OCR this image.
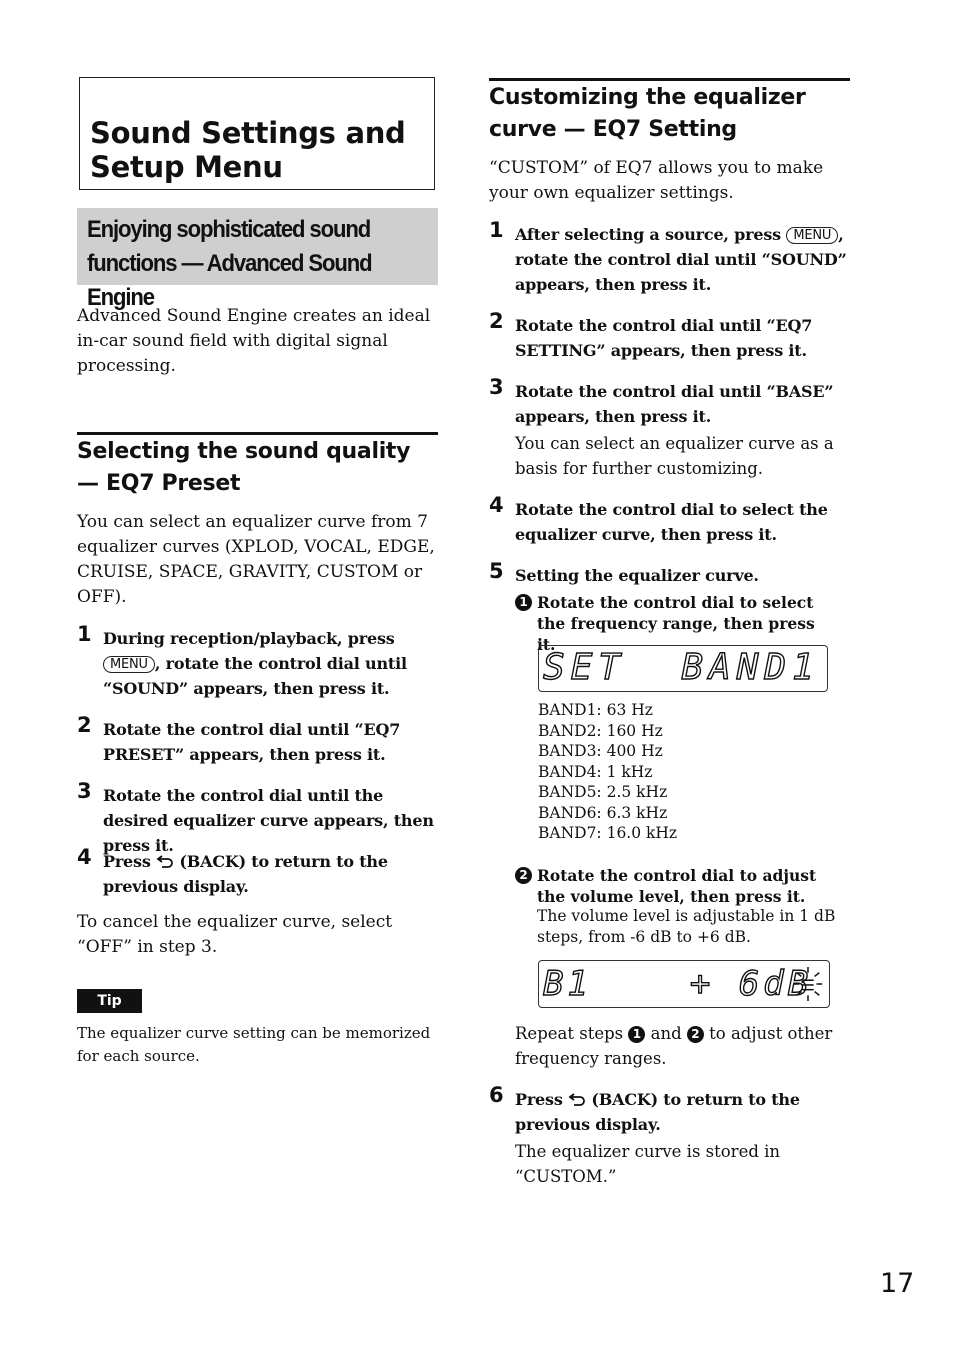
Sound Settings and Setup Menu
Enjoying sophisticated sound functions — Advanced Sound Engine
Advanced Sound Engine creates an ideal in-car sound field with digital signal processing.
Selecting the sound quality — EQ7 Preset
You can select an equalizer curve from 7 equalizer curves (XPLOD, VOCAL, EDGE, CRUISE, SPACE, GRAVITY, CUSTOM or OFF).
1 During reception/playback, press
MENU , rotate the control dial until “SOUND” appears, then press it.
2 Rotate the control dial until “EQ7 PRESET” appears, then press it.
3 Rotate the control dial until the desired equalizer curve appears, then press it.
4 Press (BACK) to return to the previous display.
To cancel the equalizer curve, select “OFF” in step 3.
Tip
The equalizer curve setting can be memorized for each source.
Customizing the equalizer curve — EQ7 Setting
“CUSTOM” of EQ7 allows you to make your own equalizer settings.
1 After selecting a source, press MENU , rotate the control dial until “SOUND” appears, then press it.
2 Rotate the control dial until “EQ7 SETTING” appears, then press it.
3 Rotate the control dial until “BASE” appears, then press it.
You can select an equalizer curve as a basis for further customizing.
4 Rotate the control dial to select the equalizer curve, then press it.
5 Setting the equalizer curve.
1 Rotate the control dial to select the frequency range, then press it.
SET  BAND1
BAND1: 63 Hz
BAND2: 160 Hz
BAND3: 400 Hz
BAND4: 1 kHz
BAND5: 2.5 kHz
BAND6: 6.3 kHz
BAND7: 16.0 kHz
2 Rotate the control dial to adjust the volume level, then press it.
The volume level is adjustable in 1 dB steps, from -6 dB to +6 dB.
B1    + 6dB
Repeat steps 1 and 2 to adjust other frequency ranges.
6 Press (BACK) to return to the previous display.
The equalizer curve is stored in “CUSTOM.”
17
